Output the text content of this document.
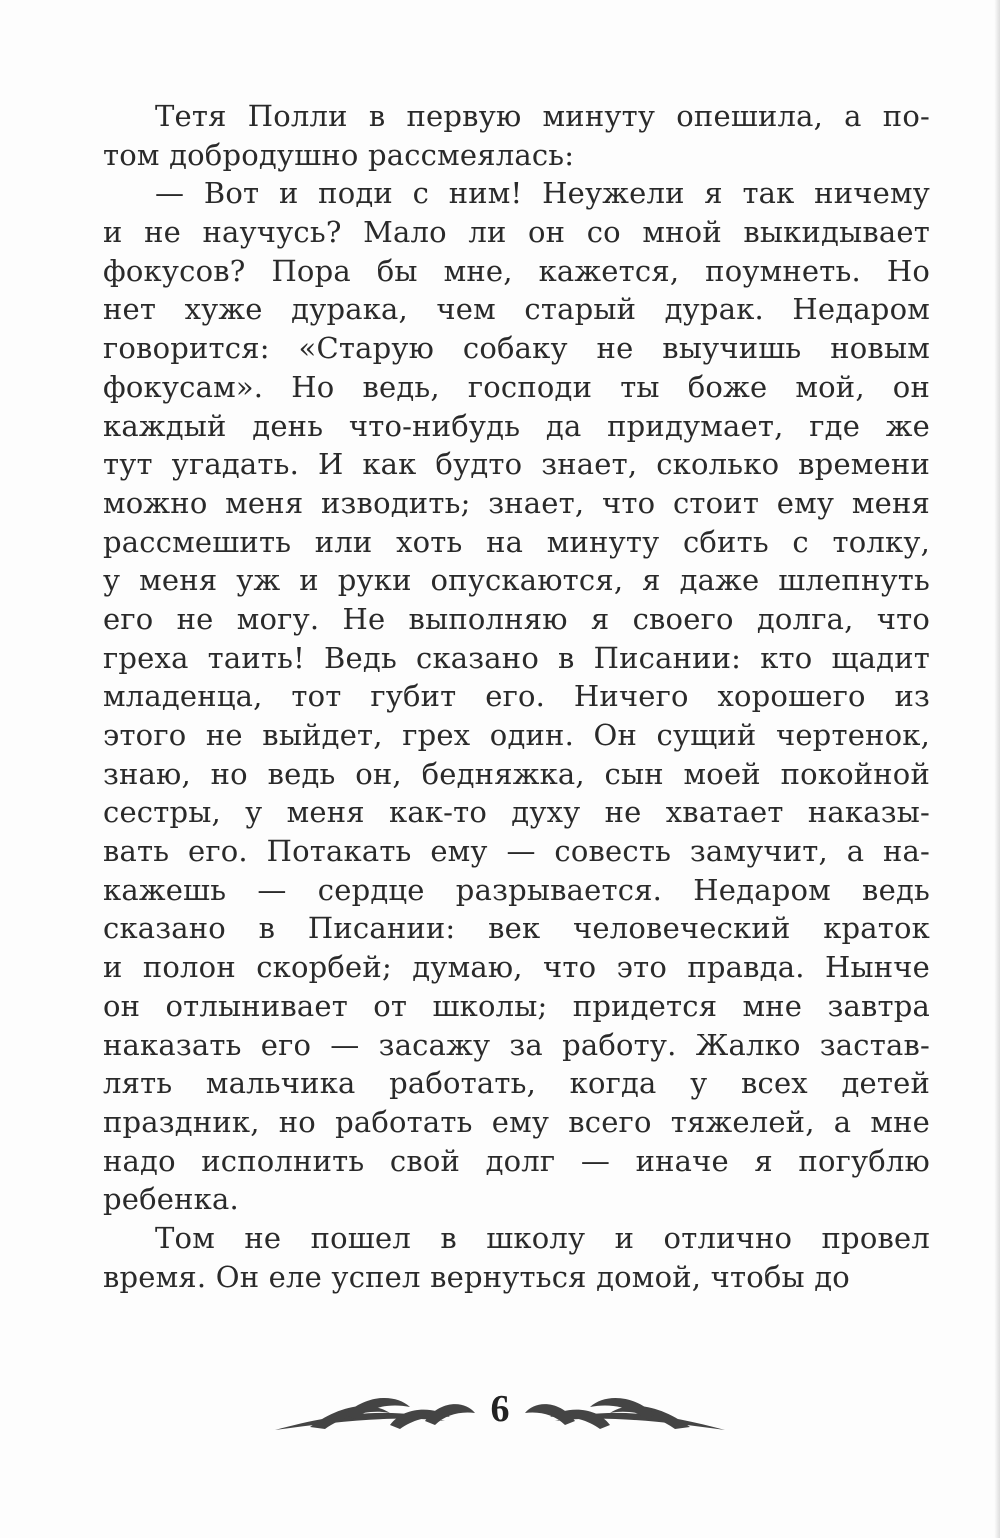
Тетя Полли в первую минуту опешила, а по-
том добродушно рассмеялась:
— Вот и поди с ним! Неужели я так ничему
и не научусь? Мало ли он со мной выкидывает
фокусов? Пора бы мне, кажется, поумнеть. Но
нет хуже дурака, чем старый дурак. Недаром
говорится: «Старую собаку не выучишь новым
фокусам». Но ведь, господи ты боже мой, он
каждый день что-нибудь да придумает, где же
тут угадать. И как будто знает, сколько времени
можно меня изводить; знает, что стоит ему меня
рассмешить или хоть на минуту сбить с толку,
у меня уж и руки опускаются, я даже шлепнуть
его не могу. Не выполняю я своего долга, что
греха таить! Ведь сказано в Писании: кто щадит
младенца, тот губит его. Ничего хорошего из
этого не выйдет, грех один. Он сущий чертенок,
знаю, но ведь он, бедняжка, сын моей покойной
сестры, у меня как-то духу не хватает наказы-
вать его. Потакать ему — совесть замучит, а на-
кажешь — сердце разрывается. Недаром ведь
сказано в Писании: век человеческий краток
и полон скорбей; думаю, что это правда. Нынче
он отлынивает от школы; придется мне завтра
наказать его — засажу за работу. Жалко застав-
лять мальчика работать, когда у всех детей
праздник, но работать ему всего тяжелей, а мне
надо исполнить свой долг — иначе я погублю
ребенка.
Том не пошел в школу и отлично провел
время. Он еле успел вернуться домой, чтобы до
6
